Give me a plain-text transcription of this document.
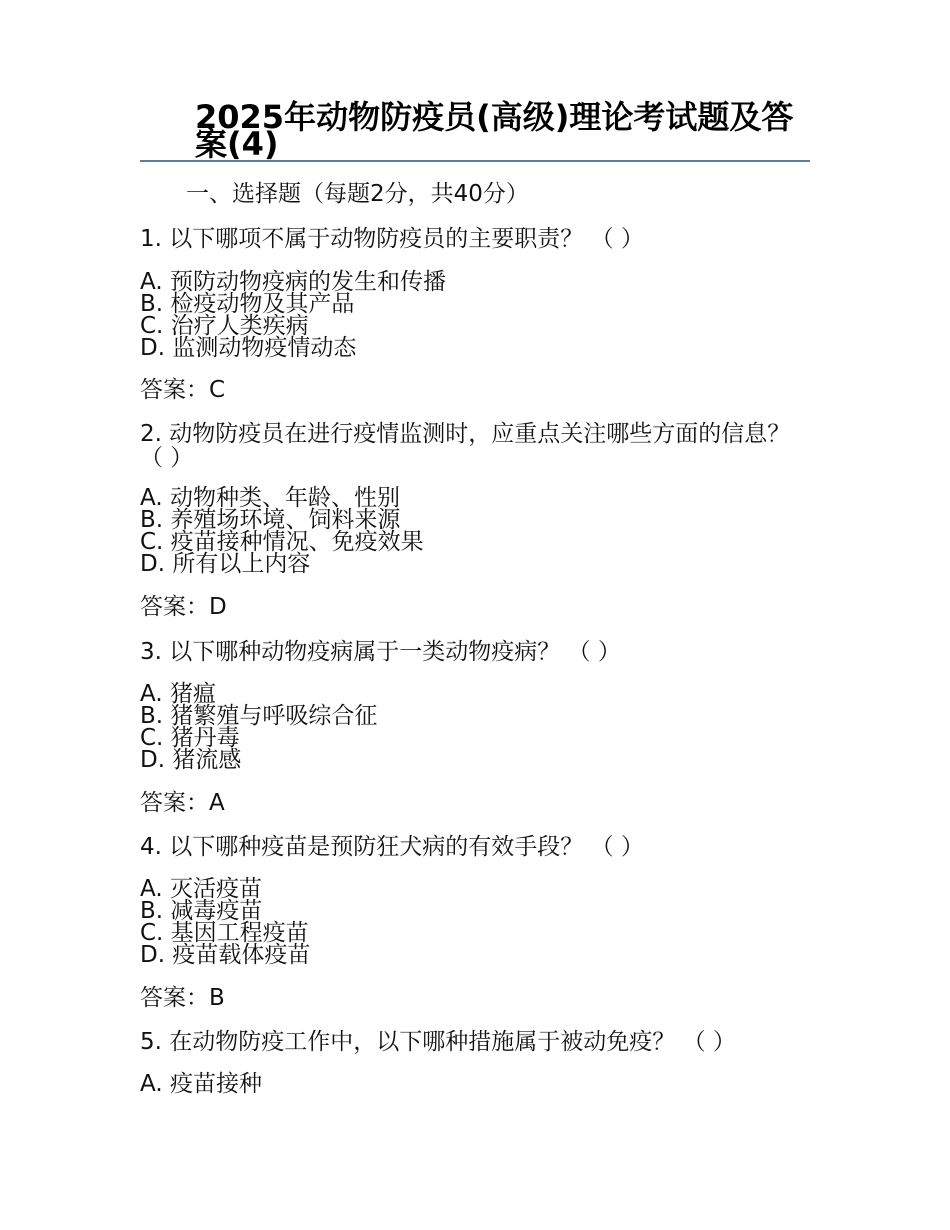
2025年动物防疫员(高级)理论考试题及答案(4)

一、选择题（每题2分，共40分）

1. 以下哪项不属于动物防疫员的主要职责？ （ ）

A. 预防动物疫病的发生和传播
B. 检疫动物及其产品
C. 治疗人类疾病
D. 监测动物疫情动态

答案：C

2. 动物防疫员在进行疫情监测时，应重点关注哪些方面的信息？ （ ）

A. 动物种类、年龄、性别
B. 养殖场环境、饲料来源
C. 疫苗接种情况、免疫效果
D. 所有以上内容

答案：D

3. 以下哪种动物疫病属于一类动物疫病？ （ ）

A. 猪瘟
B. 猪繁殖与呼吸综合征
C. 猪丹毒
D. 猪流感

答案：A

4. 以下哪种疫苗是预防狂犬病的有效手段？ （ ）

A. 灭活疫苗
B. 减毒疫苗
C. 基因工程疫苗
D. 疫苗载体疫苗

答案：B

5. 在动物防疫工作中，以下哪种措施属于被动免疫？ （ ）

A. 疫苗接种
